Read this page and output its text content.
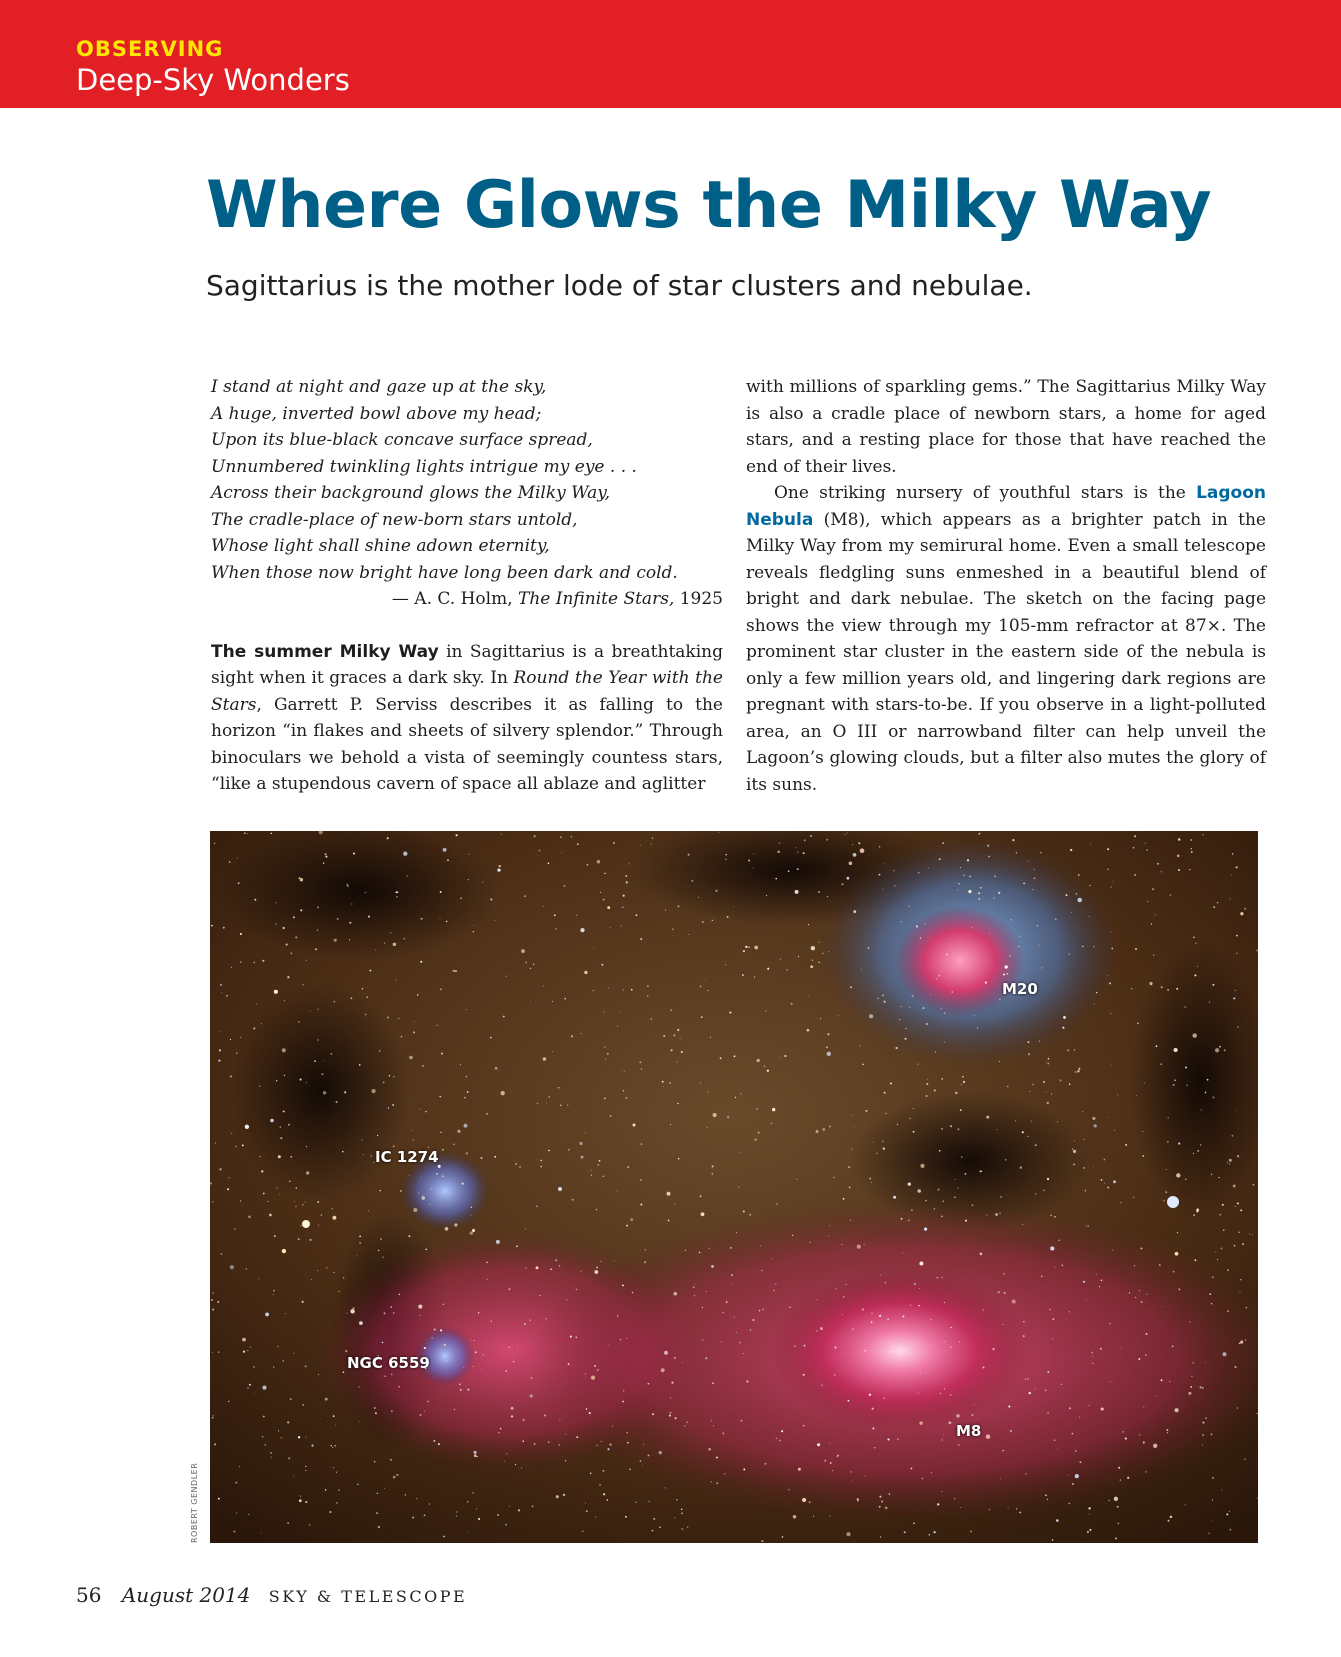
OBSERVING
Deep-Sky Wonders
Where Glows the Milky Way
Sagittarius is the mother lode of star clusters and nebulae.
I stand at night and gaze up at the sky,
A huge, inverted bowl above my head;
Upon its blue-black concave surface spread,
Unnumbered twinkling lights intrigue my eye . . .
Across their background glows the Milky Way,
The cradle-place of new-born stars untold,
Whose light shall shine adown eternity,
When those now bright have long been dark and cold.
— A. C. Holm, The Infinite Stars, 1925

The summer Milky Way in Sagittarius is a breathtaking sight when it graces a dark sky. In Round the Year with the Stars, Garrett P. Serviss describes it as falling to the horizon “in flakes and sheets of silvery splendor.” Through binoculars we behold a vista of seemingly countess stars, “like a stupendous cavern of space all ablaze and aglitter

with millions of sparkling gems.” The Sagittarius Milky Way is also a cradle place of newborn stars, a home for aged stars, and a resting place for those that have reached the end of their lives.

One striking nursery of youthful stars is the Lagoon Nebula (M8), which appears as a brighter patch in the Milky Way from my semirural home. Even a small telescope reveals fledgling suns enmeshed in a beautiful blend of bright and dark nebulae. The sketch on the facing page shows the view through my 105-mm refractor at 87×. The prominent star cluster in the eastern side of the nebula is only a few million years old, and lingering dark regions are pregnant with stars-to-be. If you observe in a light-polluted area, an O III or narrowband filter can help unveil the Lagoon’s glowing clouds, but a filter also mutes the glory of its suns.

M20
IC 1274
NGC 6559
M8
ROBERT GENDLER
56 August 2014 SKY & TELESCOPE
